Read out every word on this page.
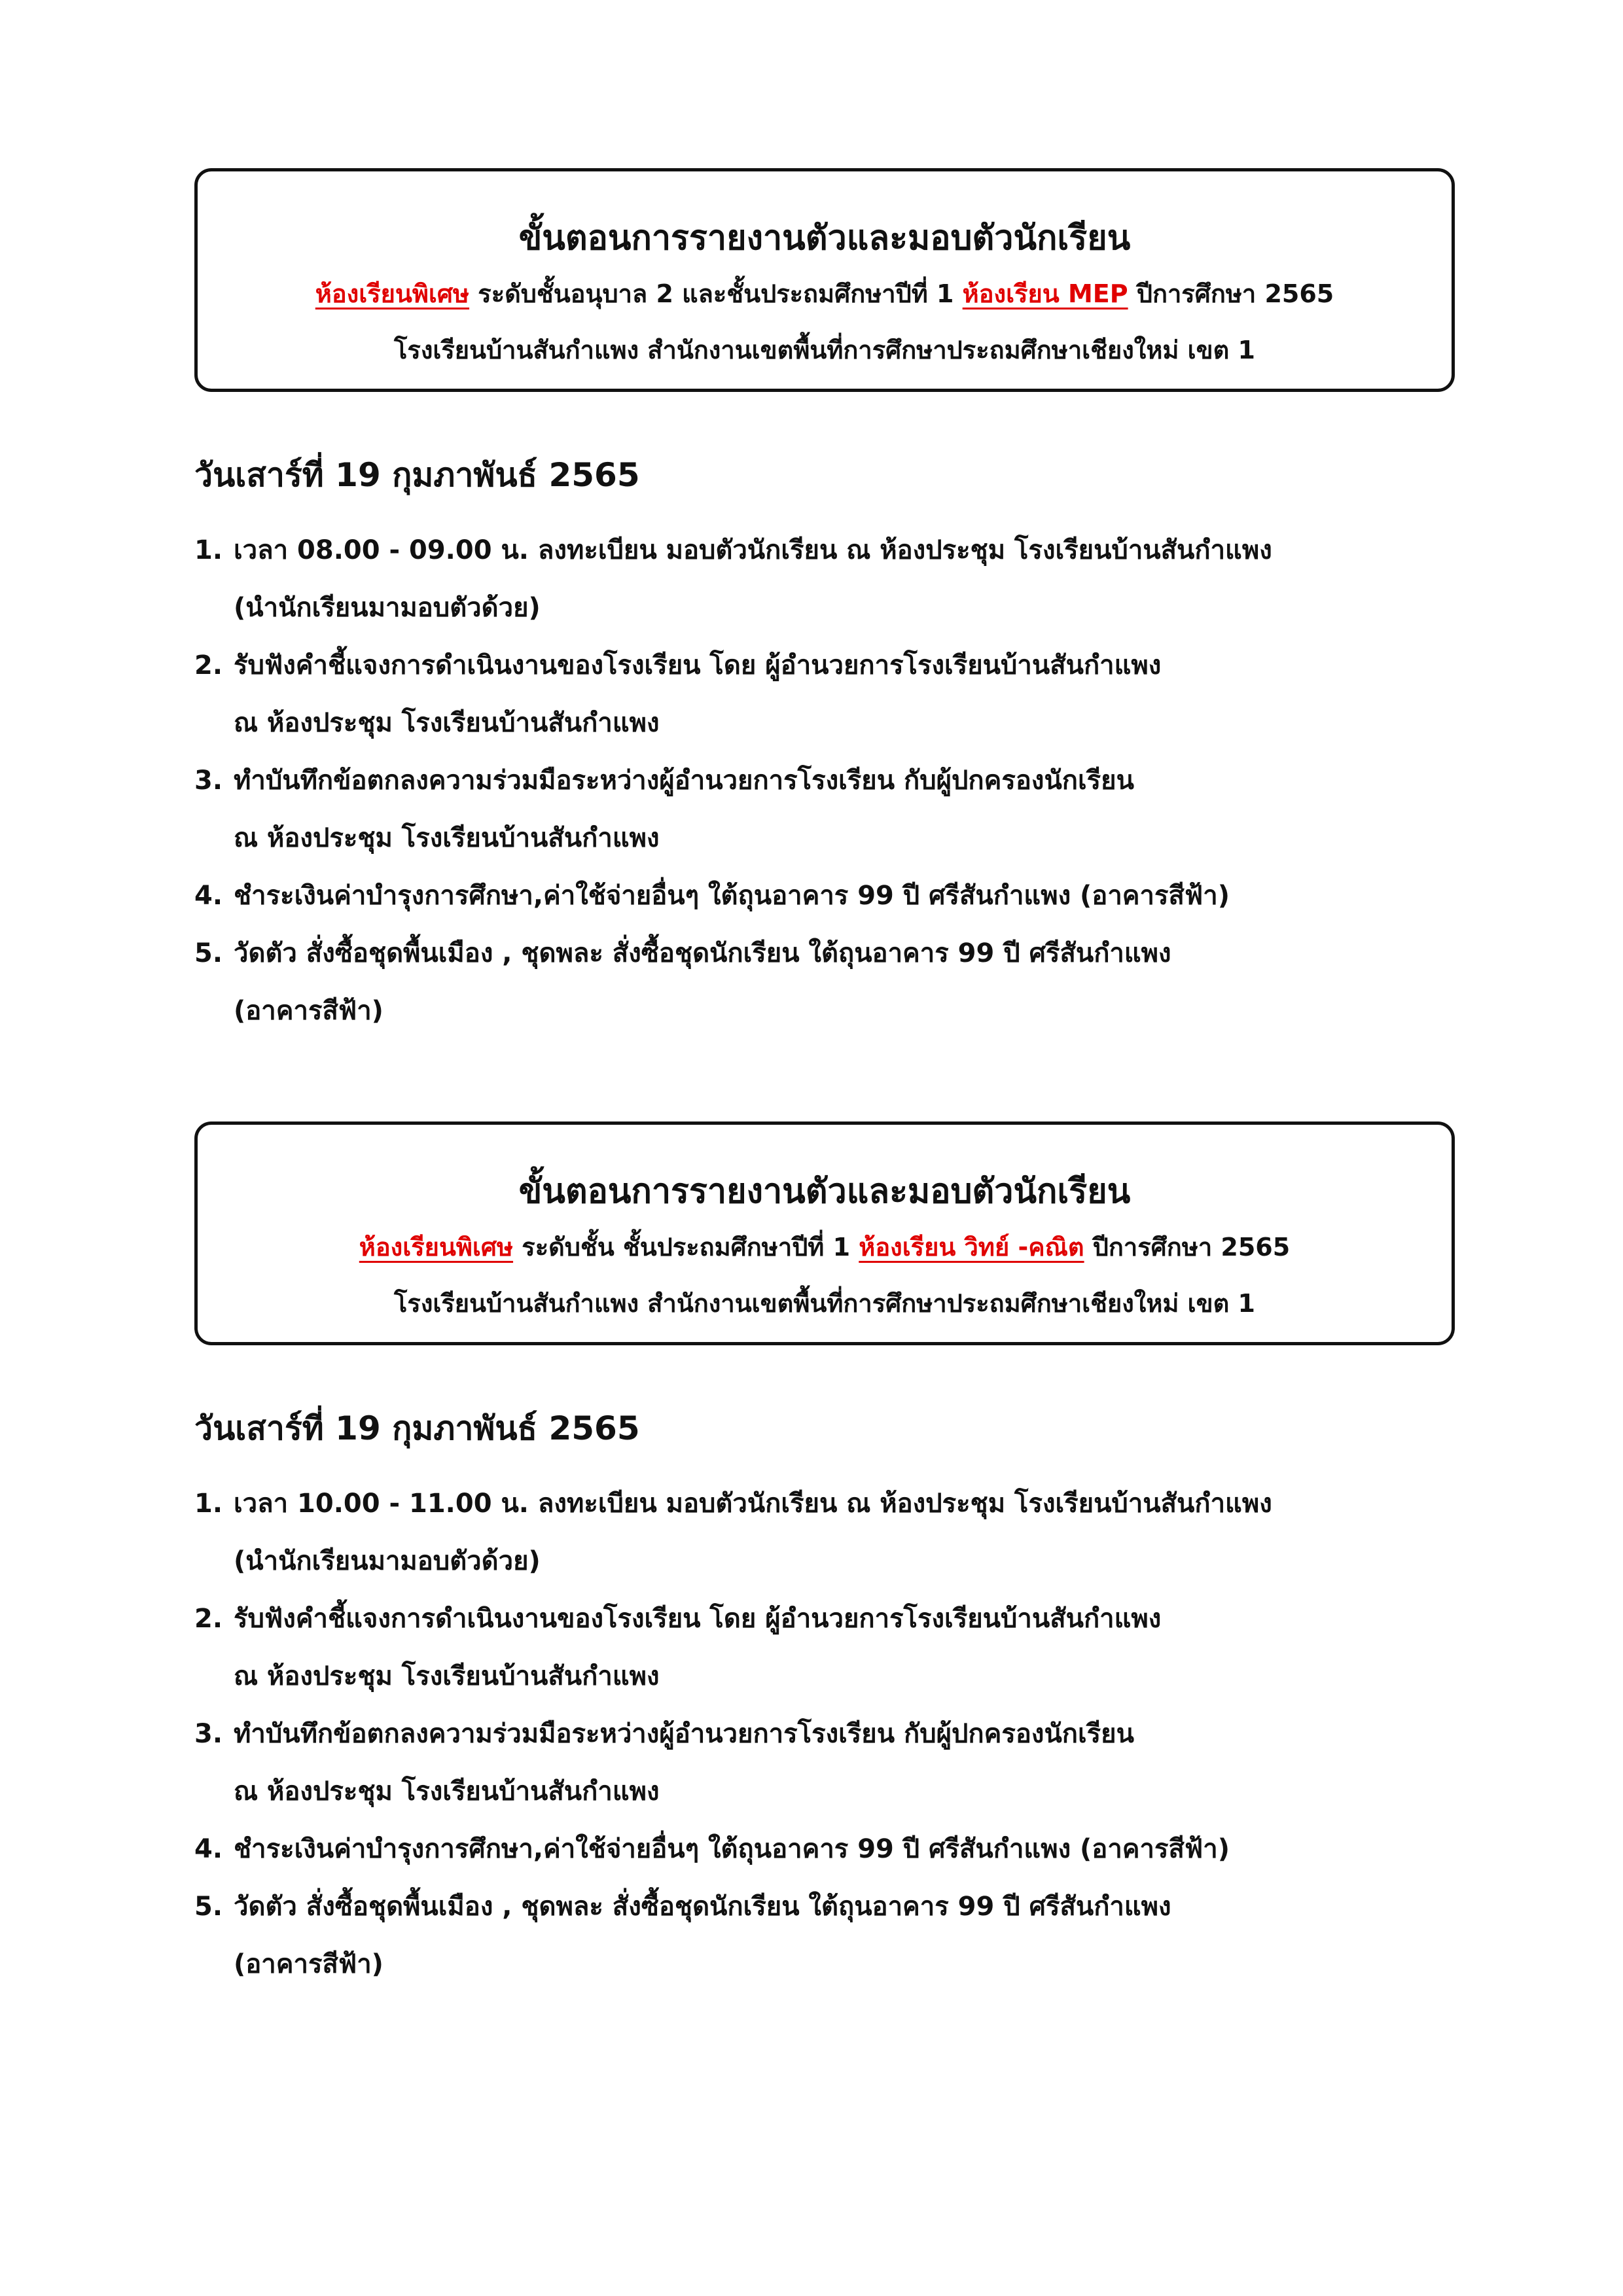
ขั้นตอนการรายงานตัวและมอบตัวนักเรียน

ห้องเรียนพิเศษ ระดับชั้นอนุบาล 2 และชั้นประถมศึกษาปีที่ 1 ห้องเรียน MEP ปีการศึกษา 2565

โรงเรียนบ้านสันกำแพง สำนักงานเขตพื้นที่การศึกษาประถมศึกษาเชียงใหม่ เขต 1

วันเสาร์ที่ 19 กุมภาพันธ์ 2565

1. เวลา 08.00 - 09.00 น. ลงทะเบียน มอบตัวนักเรียน ณ ห้องประชุม โรงเรียนบ้านสันกำแพง
(นำนักเรียนมามอบตัวด้วย)
2. รับฟังคำชี้แจงการดำเนินงานของโรงเรียน โดย ผู้อำนวยการโรงเรียนบ้านสันกำแพง
ณ ห้องประชุม โรงเรียนบ้านสันกำแพง
3. ทำบันทึกข้อตกลงความร่วมมือระหว่างผู้อำนวยการโรงเรียน กับผู้ปกครองนักเรียน
ณ ห้องประชุม โรงเรียนบ้านสันกำแพง
4. ชำระเงินค่าบำรุงการศึกษา,ค่าใช้จ่ายอื่นๆ ใต้ถุนอาคาร 99 ปี ศรีสันกำแพง (อาคารสีฟ้า)
5. วัดตัว สั่งซื้อชุดพื้นเมือง , ชุดพละ สั่งซื้อชุดนักเรียน ใต้ถุนอาคาร 99 ปี ศรีสันกำแพง
(อาคารสีฟ้า)

ขั้นตอนการรายงานตัวและมอบตัวนักเรียน

ห้องเรียนพิเศษ ระดับชั้น ชั้นประถมศึกษาปีที่ 1 ห้องเรียน วิทย์ -คณิต ปีการศึกษา 2565

โรงเรียนบ้านสันกำแพง สำนักงานเขตพื้นที่การศึกษาประถมศึกษาเชียงใหม่ เขต 1

วันเสาร์ที่ 19 กุมภาพันธ์ 2565

1. เวลา 10.00 - 11.00 น. ลงทะเบียน มอบตัวนักเรียน ณ ห้องประชุม โรงเรียนบ้านสันกำแพง
(นำนักเรียนมามอบตัวด้วย)
2. รับฟังคำชี้แจงการดำเนินงานของโรงเรียน โดย ผู้อำนวยการโรงเรียนบ้านสันกำแพง
ณ ห้องประชุม โรงเรียนบ้านสันกำแพง
3. ทำบันทึกข้อตกลงความร่วมมือระหว่างผู้อำนวยการโรงเรียน กับผู้ปกครองนักเรียน
ณ ห้องประชุม โรงเรียนบ้านสันกำแพง
4. ชำระเงินค่าบำรุงการศึกษา,ค่าใช้จ่ายอื่นๆ ใต้ถุนอาคาร 99 ปี ศรีสันกำแพง (อาคารสีฟ้า)
5. วัดตัว สั่งซื้อชุดพื้นเมือง , ชุดพละ สั่งซื้อชุดนักเรียน ใต้ถุนอาคาร 99 ปี ศรีสันกำแพง
(อาคารสีฟ้า)
